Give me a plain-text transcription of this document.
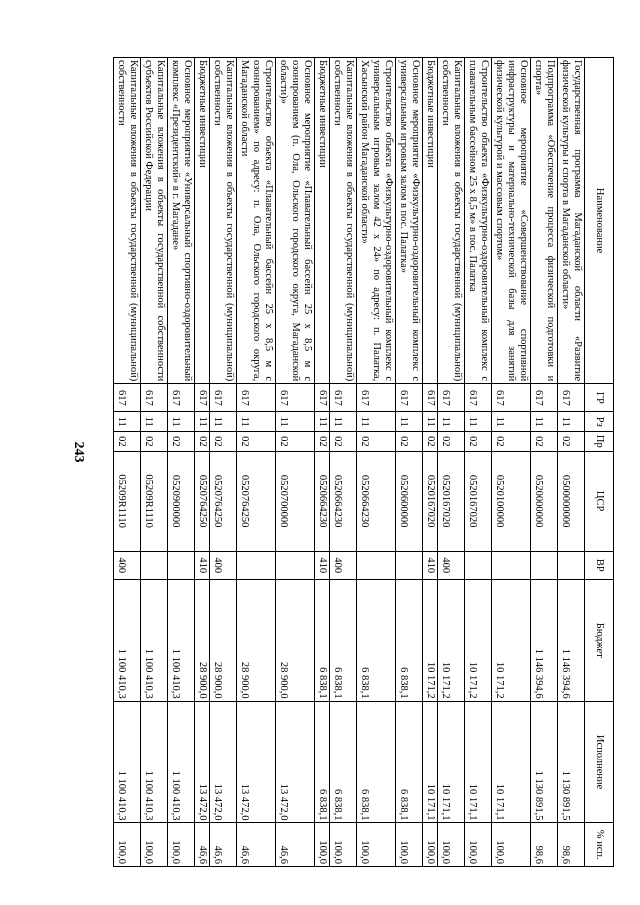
243
Наименование	ГР	Рз	Пр	ЦСР	ВР	Бюджет	Исполнение	% исп.
Государственная программа Магаданской области «Развитие физической культуры и спорта в Магаданской области»	617	11	02	0500000000		1 146 394,6	1 130 891,5	98,6
Подпрограмма «Обеспечение процесса физической подготовки и спорта»	617	11	02	0520000000		1 146 394,6	1 130 891,5	98,6
Основное мероприятие «Совершенствование спортивной инфраструктуры и материально-технической базы для занятий физической культурой и массовым спортом»	617	11	02	0520100000		10 171,2	10 171,1	100,0
Строительство объекта «Физкультурно-оздоровительный комплекс с плавательным бассейном 25 х 8,5 м» в пос. Палатка	617	11	02	0520167020		10 171,2	10 171,1	100,0
Капитальные вложения в объекты государственной (муниципальной) собственности	617	11	02	0520167020	400	10 171,2	10 171,1	100,0
Бюджетные инвестиции	617	11	02	0520167020	410	10 171,2	10 171,1	100,0
Основное мероприятие «Физкультурно-оздоровительный комплекс с универсальным игровым залом в пос. Палатка»	617	11	02	0520600000		6 838,1	6 838,1	100,0
Строительство объекта «Физкультурно-оздоровительный комплекс с универсальным игровым залом 42 х 24» по адресу: п. Палатка, Хасынский район Магаданской области»	617	11	02	0520664230		6 838,1	6 838,1	100,0
Капитальные вложения в объекты государственной (муниципальной) собственности	617	11	02	0520664230	400	6 838,1	6 838,1	100,0
Бюджетные инвестиции	617	11	02	0520664230	410	6 838,1	6 838,1	100,0
Основное мероприятие «Плавательный бассейн 25 х 8,5 м с озонированием (п. Ола, Ольского городского округа, Магаданской области)»	617	11	02	0520700000		28 900,0	13 472,0	46,6
Строительство объекта «Плавательный бассейн 25 х 8,5 м с озонированием» по адресу: п. Ола, Ольского городского округа, Магаданской области	617	11	02	0520764250		28 900,0	13 472,0	46,6
Капитальные вложения в объекты государственной (муниципальной) собственности	617	11	02	0520764250	400	28 900,0	13 472,0	46,6
Бюджетные инвестиции	617	11	02	0520764250	410	28 900,0	13 472,0	46,6
Основное мероприятие «Универсальный спортивно-оздоровительный комплекс «Президентский» в г. Магадане»	617	11	02	0520900000		1 100 410,3	1 100 410,3	100,0
Капитальные вложения в объекты государственной собственности субъектов Российской Федерации	617	11	02	05209R1110		1 100 410,3	1 100 410,3	100,0
Капитальные вложения в объекты государственной (муниципальной) собственности	617	11	02	05209R1110	400	1 100 410,3	1 100 410,3	100,0
